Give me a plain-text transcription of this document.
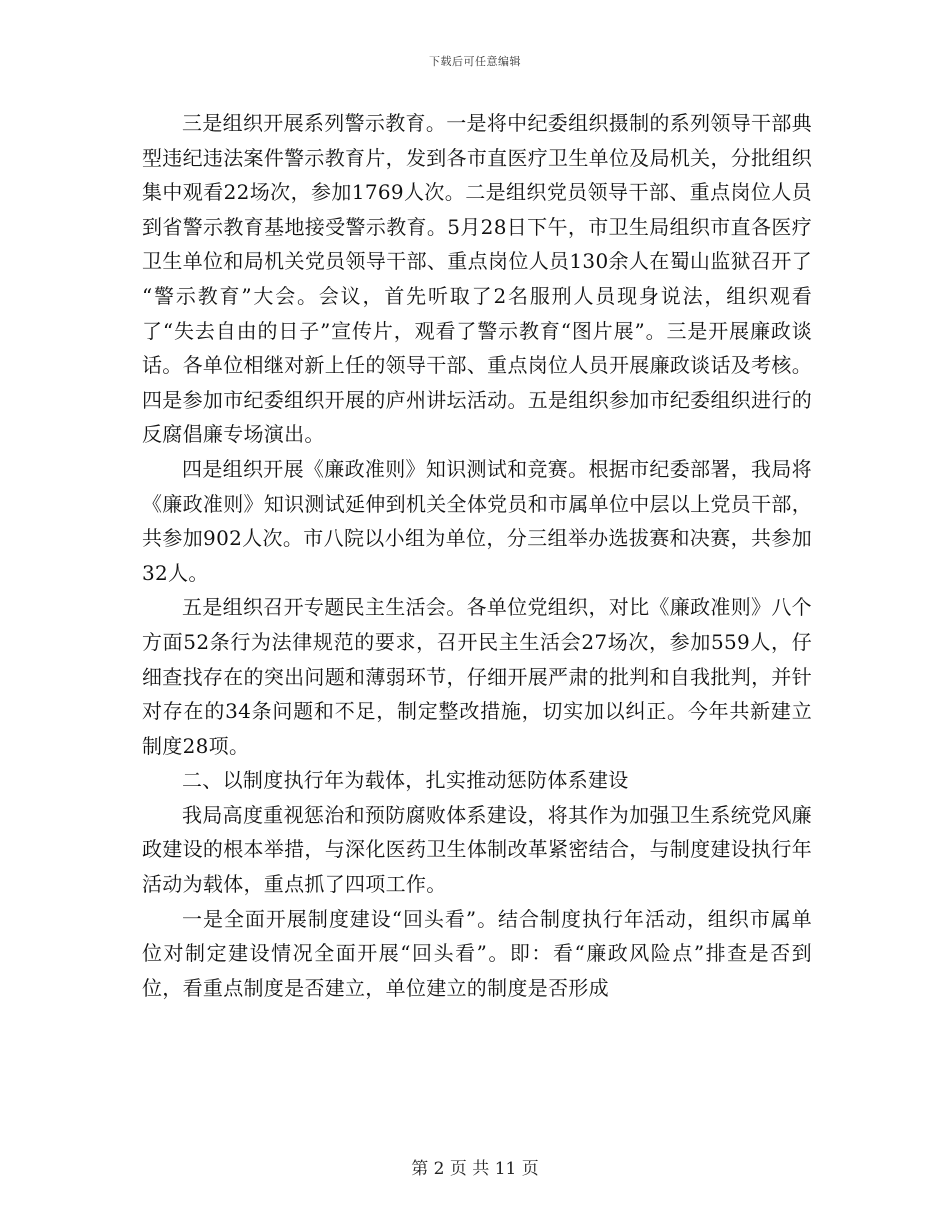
下载后可任意编辑

三是组织开展系列警示教育。一是将中纪委组织摄制的系列领导干部典型违纪违法案件警示教育片，发到各市直医疗卫生单位及局机关，分批组织集中观看22场次，参加1769人次。二是组织党员领导干部、重点岗位人员到省警示教育基地接受警示教育。5月28日下午，市卫生局组织市直各医疗卫生单位和局机关党员领导干部、重点岗位人员130余人在蜀山监狱召开了 “警示教育”大会。会议，首先听取了2名服刑人员现身说法，组织观看了“失去自由的日子”宣传片，观看了警示教育“图片展”。三是开展廉政谈话。各单位相继对新上任的领导干部、重点岗位人员开展廉政谈话及考核。四是参加市纪委组织开展的庐州讲坛活动。五是组织参加市纪委组织进行的反腐倡廉专场演出。

四是组织开展《廉政准则》知识测试和竞赛。根据市纪委部署，我局将《廉政准则》知识测试延伸到机关全体党员和市属单位中层以上党员干部，共参加902人次。市八院以小组为单位，分三组举办选拔赛和决赛，共参加32人。

五是组织召开专题民主生活会。各单位党组织，对比《廉政准则》八个方面52条行为法律规范的要求，召开民主生活会27场次，参加559人，仔细查找存在的突出问题和薄弱环节，仔细开展严肃的批判和自我批判，并针对存在的34条问题和不足，制定整改措施，切实加以纠正。今年共新建立制度28项。

二、以制度执行年为载体，扎实推动惩防体系建设

我局高度重视惩治和预防腐败体系建设，将其作为加强卫生系统党风廉政建设的根本举措，与深化医药卫生体制改革紧密结合，与制度建设执行年活动为载体，重点抓了四项工作。

一是全面开展制度建设“回头看”。结合制度执行年活动，组织市属单位对制定建设情况全面开展“回头看”。即：看“廉政风险点”排查是否到位，看重点制度是否建立，单位建立的制度是否形成

第 2 页 共 11 页
